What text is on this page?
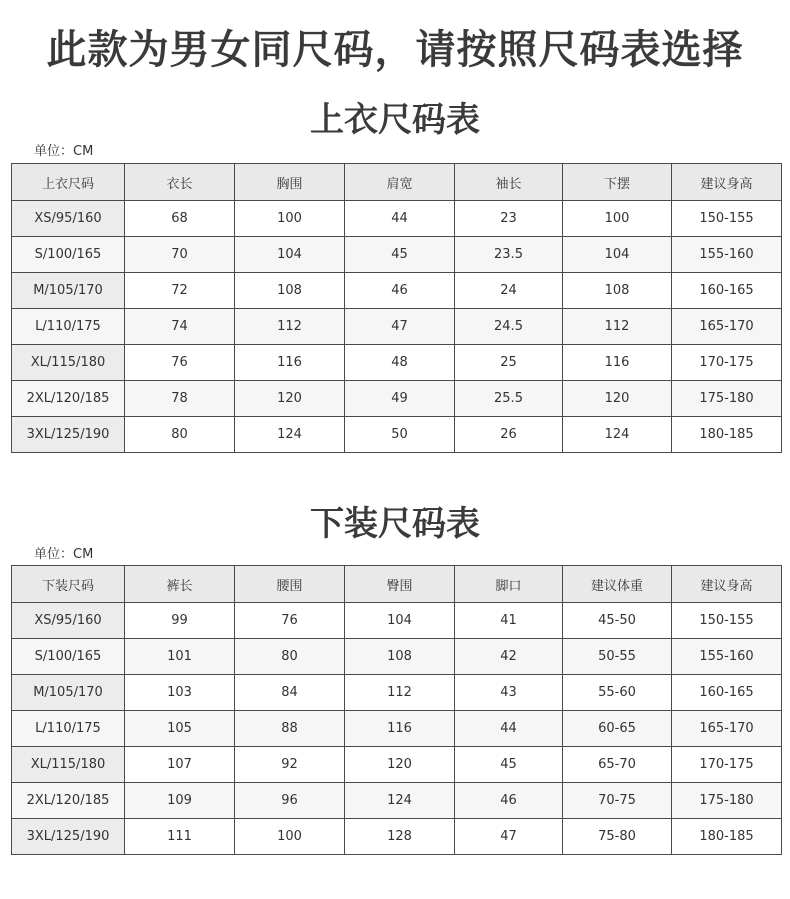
此款为男女同尺码，请按照尺码表选择
上衣尺码表
单位：CM
上衣尺码	衣长	胸围	肩宽	袖长	下摆	建议身高
XS/95/160	68	100	44	23	100	150-155
S/100/165	70	104	45	23.5	104	155-160
M/105/170	72	108	46	24	108	160-165
L/110/175	74	112	47	24.5	112	165-170
XL/115/180	76	116	48	25	116	170-175
2XL/120/185	78	120	49	25.5	120	175-180
3XL/125/190	80	124	50	26	124	180-185
下装尺码表
单位：CM
下装尺码	裤长	腰围	臀围	脚口	建议体重	建议身高
XS/95/160	99	76	104	41	45-50	150-155
S/100/165	101	80	108	42	50-55	155-160
M/105/170	103	84	112	43	55-60	160-165
L/110/175	105	88	116	44	60-65	165-170
XL/115/180	107	92	120	45	65-70	170-175
2XL/120/185	109	96	124	46	70-75	175-180
3XL/125/190	111	100	128	47	75-80	180-185
